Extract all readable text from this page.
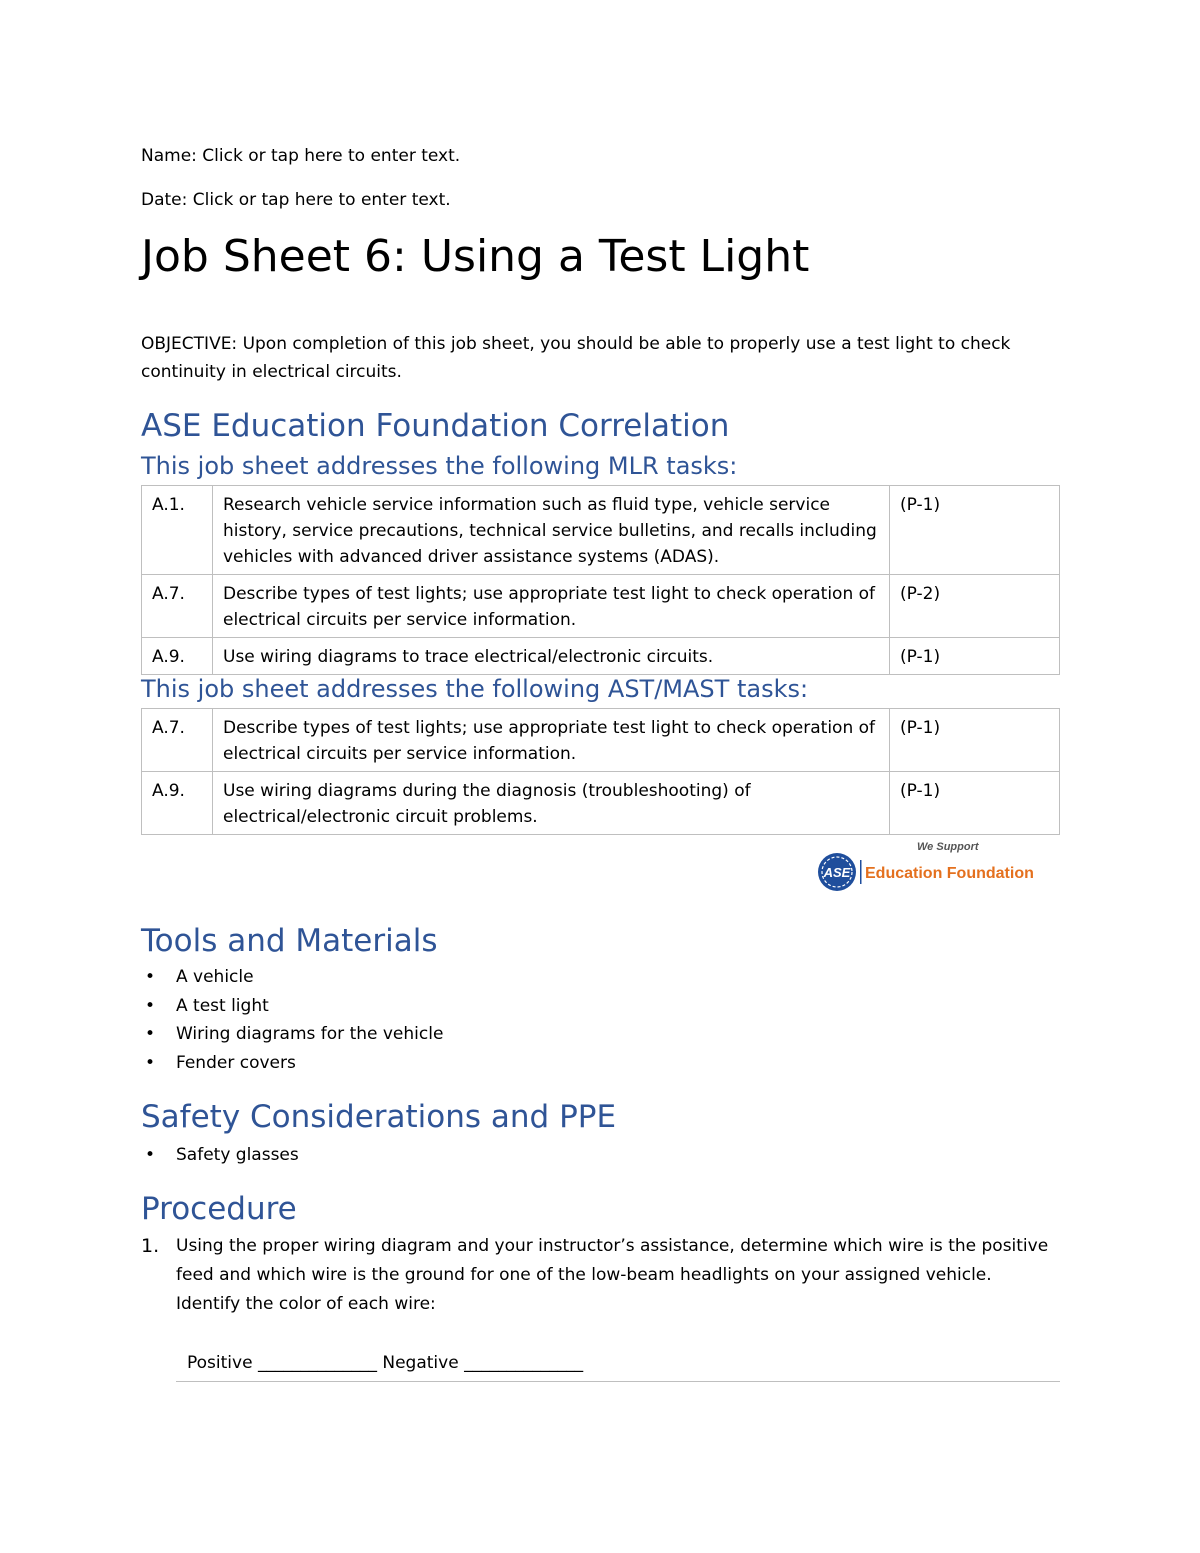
Name: Click or tap here to enter text.
Date: Click or tap here to enter text.
Job Sheet 6: Using a Test Light
OBJECTIVE: Upon completion of this job sheet, you should be able to properly use a test light to check continuity in electrical circuits.
ASE Education Foundation Correlation
This job sheet addresses the following MLR tasks:
A.1.	Research vehicle service information such as fluid type, vehicle service history, service precautions, technical service bulletins, and recalls including vehicles with advanced driver assistance systems (ADAS).	(P-1)
A.7.	Describe types of test lights; use appropriate test light to check operation of electrical circuits per service information.	(P-2)
A.9.	Use wiring diagrams to trace electrical/electronic circuits.	(P-1)
This job sheet addresses the following AST/MAST tasks:
A.7.	Describe types of test lights; use appropriate test light to check operation of electrical circuits per service information.	(P-1)
A.9.	Use wiring diagrams during the diagnosis (troubleshooting) of electrical/electronic circuit problems.	(P-1)
We Support
ASE Education Foundation
Tools and Materials
• A vehicle
• A test light
• Wiring diagrams for the vehicle
• Fender covers
Safety Considerations and PPE
• Safety glasses
Procedure
1. Using the proper wiring diagram and your instructor’s assistance, determine which wire is the positive feed and which wire is the ground for one of the low-beam headlights on your assigned vehicle. Identify the color of each wire:
Positive ______________ Negative ______________
